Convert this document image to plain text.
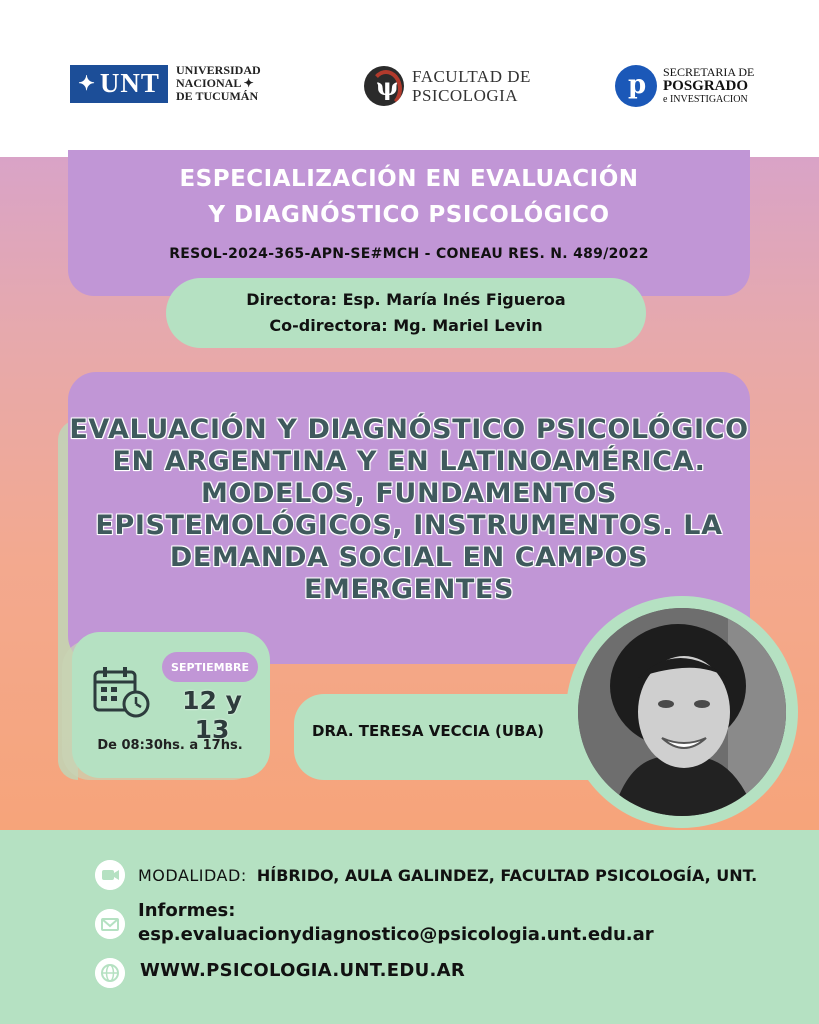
✦ UNT UNIVERSIDAD
NACIONAL ✦
DE TUCUMÁN	ψ FACULTAD DE
PSICOLOGIA	p SECRETARIA DE
POSGRADO
e INVESTIGACION
ESPECIALIZACIÓN EN EVALUACIÓN
Y DIAGNÓSTICO PSICOLÓGICO
RESOL-2024-365-APN-SE#MCH - CONEAU RES. N. 489/2022
Directora: Esp. María Inés Figueroa
Co-directora: Mg. Mariel Levin
EVALUACIÓN Y DIAGNÓSTICO PSICOLÓGICO
EN ARGENTINA Y EN LATINOAMÉRICA.
MODELOS, FUNDAMENTOS
EPISTEMOLÓGICOS, INSTRUMENTOS. LA
DEMANDA SOCIAL EN CAMPOS
EMERGENTES
SEPTIEMBRE
12 y 13
De 08:30hs. a 17hs.
DRA. TERESA VECCIA (UBA)
MODALIDAD: HÍBRIDO, AULA GALINDEZ, FACULTAD PSICOLOGÍA, UNT.
Informes:
esp.evaluacionydiagnostico@psicologia.unt.edu.ar
WWW.PSICOLOGIA.UNT.EDU.AR
